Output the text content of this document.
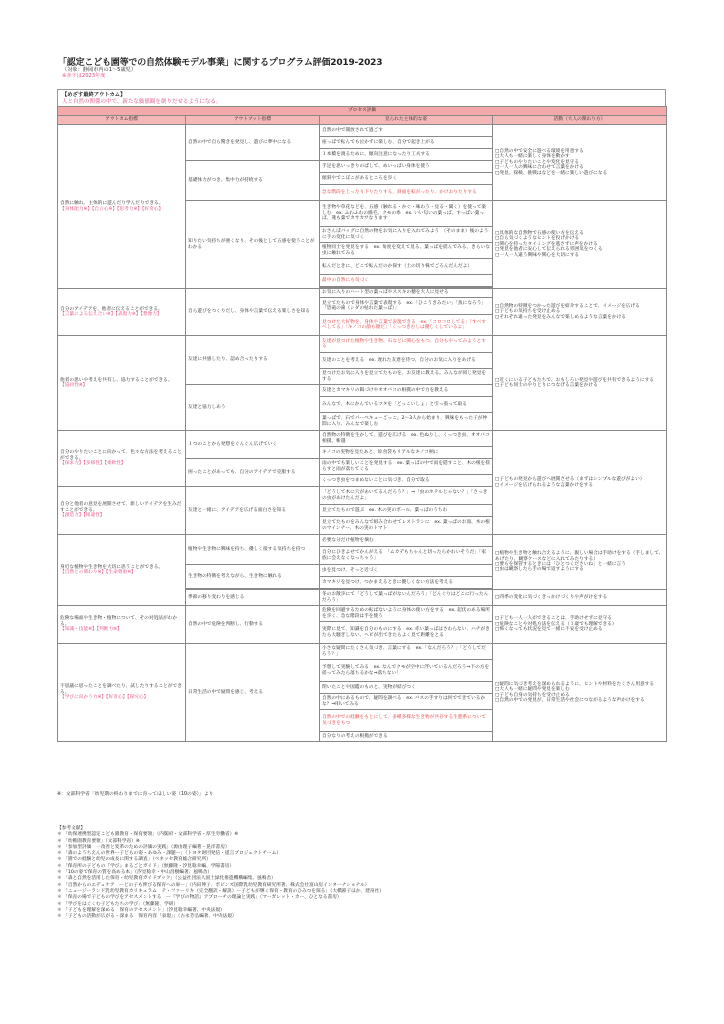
「認定こども園等での自然体験モデル事業」に関するプログラム評価2019-2023
（対象：静岡市内の1～5歳児）
※赤字は2023年度
【めざす最終アウトカム】
人と自然の関係の中で、新たな価値観を創りだせるようになる。
プロセス評価			
アウトカム指標	アウトプット指標	見られた主体的な姿	活動（大人の関わり方）
自然に触れ、主体的に遊んだり学んだりできる。
【身体能力※】【自立心※】【思考力※】【好奇心】	自然の中で自ら驚きを発見し、遊びに夢中になる	自然の中で開放されて過ごす	□自然の中で安全に遊べる環境を用意する
□大人も一緒に楽しく身体を動かす
□子どものやりたいことや変化を見守る
□一人一人の興味に合わせて言葉をかける
□発見、探検、挑戦はなどを一緒に楽しい遊びになる
		座っぱで転んでも泣かずに楽しむ、自分で起き上がる	
		１本橋を渡るために、傾向注意になったり工夫する	
	基礎体力がつき、集中力が持続する	手足を思いっきりのばして、めいっぱい身体を使う	
		傾斜やでこぼこがあるところを歩く	
		急な階段を上ったり下りたりする、斜面を転がったり、かけおりたりする	
	知りたい気持ちが強くなり、その後として五感を使うことがわかる	生き物や草花などを、五感（触れる・かぐ・味わう・見る・聞く）を使って楽しむ　ex. ふわふわの綿毛、クモの糸　ex. いい匂いの葉っぱ、すっぱい葉っぱ、蓮も葉でカサカサなります	□具体的な自然物で五感の使い方を伝える
□自ら気づくようなヒントを投げかける
□関心を持ったタイミングを逃さずに声をかける
□発見を他者に安心して伝えられる雰囲気をつくる
□一人一人違う興味や関心を大切にする
		おさんぽバッグに自然の物をお気に入りを入れてみよう　（そのまま）後のように手の変化に気づく	
		植物同士を発見をする　ex. 角度を変えて見る、葉っぱを揺んでみる、きらいな虫に触れてみる	
		転んだときに、どこで転んだのか探す（土の切り株でごろんだんだよ）	
		最中の自然にも気づく	

自分のアイデアを、他者に伝えることができる。
【言葉による伝え合い※】【表現力※】【想像力】	自ら遊びをつくりだし、身体や言葉で伝える楽しさを知る	お気に入りのハート型の葉っぱやススキの穂を大人に見せる	□自然物の特徴をつかった遊びを紹介することで、イメージを広げる
□子どもの気持ちを受け止める
□それぞれ違った発見をみんなで楽しめるような言葉をかける
		見立てたもので身体や言葉で表現する　ex.「ひこうきみたい」「魚になろう」「恐竜の歯（シダの枯れた葉っぱ）」	
		見つけた大好物を、身体や言葉で表現できる　ex.「コロコロしてる」「すべすべしてる」「キノコの顔も顔だ」「くっつきむしは優しくしているよ」	
他者の思いや考えを共有し、協力することができる。
【協同性※】	友達に共感したり、認め合ったりする	友達が見つけた植物や生き物、石などに関心をもつ、自分もやってみようとする	□近くにいる子どもたちで、おもしろい発見や遊びを共有できるようにする
□子ども同士のやりとりにつなげる言葉をかける
		友達のことを考える　ex. 遅れた友達を待つ、自分のお気に入りをあげる	
		見つけたお気に入りを見立てたものを、お友達に教える。みんなが同じ発見をする	
	友達と協力しあう	友達とカマキリの餌づけやオオバコの相撲の中で力を教える	
		みんなで、木にかんでいるツタを「どっこいしょ」と引っ張って取る	
		葉っぱで、石でバーベキューごっこ。2～3人から始まり、興味をもった子が仲間に入り、みんなで楽しむ	
自分のやりたいことに向かって、色々な方法を考えることができる。
【探求力】【多様性】【柔軟性】	１つのことから発想をぐんぐん広げていく	自然物の特徴を生かして、遊びを広げる　ex. 色ぬりし、くっつき虫、オオバコ相撲、斬越	□子どもの発見から遊びへ展開させる（まずはシンプルな遊びがよい）
□イメージを広げられるような言葉かけをする
		キノコの実物を見たあと、絵食袋もリアルなキノコ柄に	
	困ったことがあっても、自分のアイデアで克服する	雨の中でも楽しいことを発見する　ex. 葉っぱの中で雨を隠すこと、木の根を揺らすと雨が落ちてくる	
		くっつき虫をつまめないことに気づき、自分で取る	
自分と他者の意見を展開させて、新しいアイデアを生みだすことができる。
【創造力】【相違性】	友達と一緒に、アイデアを広げる面白さを知る	「どうして木に穴があいてるんだろう？」⇒「虫のホテルじゃない？」「さっきの虫があけたんだよ」	
		見立てたもので遊ぶ　ex. 木の実のボール、葉っぱのうちわ	
		見立てたものをみんなで組み合わせてレストランに　ex. 葉っぱのお皿、木の根のウインナー、木の実のトマト	
身近な植物や生き物を大切に思うことができる。
【自然との関わり※】【生命尊重※】	植物や生き物に興味を持ち、優しく接する気持ちを持つ	必要な分だけ植物を摘む	□植物や生き物と触れ合えるように、親しい場合は手助けをする（手しまして、あげたり、観察ケースなどに入れてみたりする）
□要らを保管するときには「ひとつくださいね」と一緒に言う
□虫は観察したら手の場で返すようにする
		自分にひきよせてかんがえる　「ムカデもちゃんと切ったらかわいそうだ」「家族に会えなくなっちゃう」	
	生き物の特徴を考えながら、生き物に触れる	虫を見つけ、そっと近づく	
		カマキリを見つけ、つかまえるときに優しくない方法を考える	

	季節の移り変わりを感じる	冬のお散歩にて「どうして葉っぱがないんだろう」「どんぐりはどこに行ったんだろう」	□四季の変化に気づくきっかけづくりや声がけをする
危険な場面や生き物・植物について、その対処法がわかる。
【知識・技能※】【判断力※】	自然の中で危険を判断し、行動する	危険を回避するための転ばないように身体の使い方をする　ex. 起伏のある場所を歩く、急な階段は手を使う	□子ども一人一人ができることは、手助けせずに見守る
□危険なことや対処方法を伝える（１歳でも理解できる）
□怖くなっても状況を見て一緒に不安を受け止める
		実際に見て、知識を自分のものにする　ex. 赤い葉っぱはさわらない、ハチがきたら大騒ぎしない、ヘビが出てきたらよく見て距離をとる	
不思議に思ったことを調べたり、試したりすることができる。
【学びに向かう力※】【好奇心】【探究心】	日常生活の中で疑問を感じ、考える	小さな疑問にたくさん気づき、言葉にする　ex.「なんだろう？」「どうしてだろう？」	□疑問に気づき考えを深められるように、ヒントや材料をたくさん用意する
□大人も一緒に疑問や発見を楽しむ
□子ども自身の気持ちを受け止める
□自然の中での発見が、日常生活や社会につながるような声かけをする
		予想して実験してみる　ex. なんでクモが空中に浮いているんだろう⇒下の方を揺ってみたら落ちるかな⇒落ちない！	
		閉いたことや図鑑のものと、実物が結びつく	
		自然の中にあるもので、疑問を調べる　ex. バスの手すりは何でできているかな？⇒叩いてみる	
		自然の中での経験をもとにして、多種多様な生き物が共存する生態系について気づきをもつ	
		自分なりの考えの根拠ができる	
※：文部科学省「幼児期の終わりまでに育ってほしい姿（10の姿）」より
【参考文献】
＊ 「幼保連携型認定こども園教育・保育要領」（内閣府・文部科学省・厚生労働省）※
＊ 「幼稚園教育要領」（文部科学省）※
＊ 「参加型評価　一改善と変革のための評価の実践」（源由理子編著・晃洋書房）
＊ 「森のようちえんの世界ー子どもの姿・あゆみ・課題ー」（トヨタ財団発信・提言プロジェクトチーム）
＊ 「園での経験と幼児の成長に関する調査」（ベネッセ教育総合研究所）
＊ 「保育所の子どもの『学び』まるごとガイド」（無藤隆・汐見稔幸編、学陽書房）
＊ 「10の姿で保育の質を高める本」（汐見稔幸・中山昌樹編著、風鳴舎）
＊ 「森と自然を活用した保育・幼児教育ガイドブック」（公益社団法人国土緑化推進機構編集、風鳴舎）
＊ 「自然からのエデュケア　ーどの子も伸びる保育への扉ー」（内田伸子、ポピンズ国際乳幼児教育研究所著、株式会社富山房インターナショナル）
＊ 「ニュージーランド乳幼児教育カリキュラム　テ・ファーリキ（完全翻訳・解説）ー子どもが輝く保育・教育のひみつを探る」（大橋節子ほか、建帛社）
＊ 「保育の場で子どもの学びをアセスメントする　ー『学びの物語』アプローチの理論と実践」（マーガレット・カー、ひとなる書房）
＊ 「学びをはぐくむ子どもたちの学び」（無藤隆、学研）
＊ 「子どもを理解を深める　保育のアセスメント」（汐見稔幸編著、中央法規）
＊ 「子どもの活動が広がる・深まる　保育内容「表現」」（古永芳弘編著、中央法規）
